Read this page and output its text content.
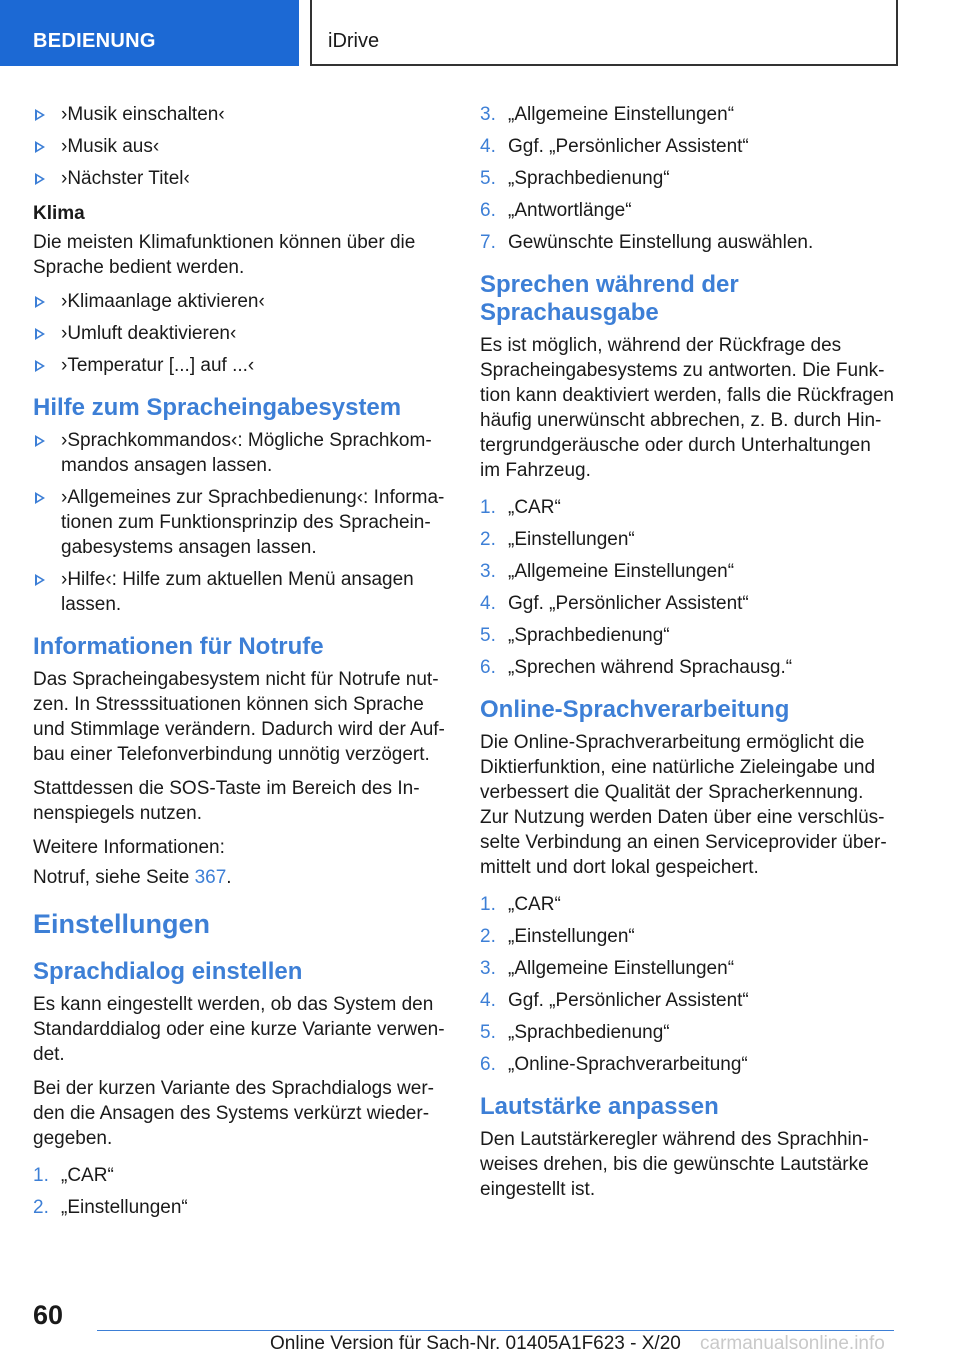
BEDIENUNG	iDrive
›Musik einschalten‹
›Musik aus‹
›Nächster Titel‹
Klima

Die meisten Klimafunktionen können über die Sprache bedient werden.

›Klimaanlage aktivieren‹
›Umluft deaktivieren‹
›Temperatur [...] auf ...‹
Hilfe zum Spracheingabesystem
›Sprachkommandos‹: Mögliche Sprachkommandos ansagen lassen.
›Allgemeines zur Sprachbedienung‹: Informationen zum Funktionsprinzip des Spracheingabesystems ansagen lassen.
›Hilfe‹: Hilfe zum aktuellen Menü ansagen lassen.
Informationen für Notrufe

Das Spracheingabesystem nicht für Notrufe nutzen. In Stresssituationen können sich Sprache und Stimmlage verändern. Dadurch wird der Aufbau einer Telefonverbindung unnötig verzögert.

Stattdessen die SOS-Taste im Bereich des Innenspiegels nutzen.

Weitere Informationen:

Notruf, siehe Seite 367.

Einstellungen
Sprachdialog einstellen

Es kann eingestellt werden, ob das System den Standarddialog oder eine kurze Variante verwendet.

Bei der kurzen Variante des Sprachdialogs werden die Ansagen des Systems verkürzt wiedergegeben.

1. „CAR“
2. „Einstellungen“
3. „Allgemeine Einstellungen“
4. Ggf. „Persönlicher Assistent“
5. „Sprachbedienung“
6. „Antwortlänge“
7. Gewünschte Einstellung auswählen.
Sprechen während der Sprachausgabe

Es ist möglich, während der Rückfrage des Spracheingabesystems zu antworten. Die Funktion kann deaktiviert werden, falls die Rückfragen häufig unerwünscht abbrechen, z. B. durch Hintergrundgeräusche oder durch Unterhaltungen im Fahrzeug.

1. „CAR“
2. „Einstellungen“
3. „Allgemeine Einstellungen“
4. Ggf. „Persönlicher Assistent“
5. „Sprachbedienung“
6. „Sprechen während Sprachausg.“
Online-Sprachverarbeitung

Die Online-Sprachverarbeitung ermöglicht die Diktierfunktion, eine natürliche Zieleingabe und verbessert die Qualität der Spracherkennung. Zur Nutzung werden Daten über eine verschlüsselte Verbindung an einen Serviceprovider übermittelt und dort lokal gespeichert.

1. „CAR“
2. „Einstellungen“
3. „Allgemeine Einstellungen“
4. Ggf. „Persönlicher Assistent“
5. „Sprachbedienung“
6. „Online-Sprachverarbeitung“
Lautstärke anpassen

Den Lautstärkeregler während des Sprachhinweises drehen, bis die gewünschte Lautstärke eingestellt ist.

60
Online Version für Sach-Nr. 01405A1F623 - X/20 carmanualsonline.info
